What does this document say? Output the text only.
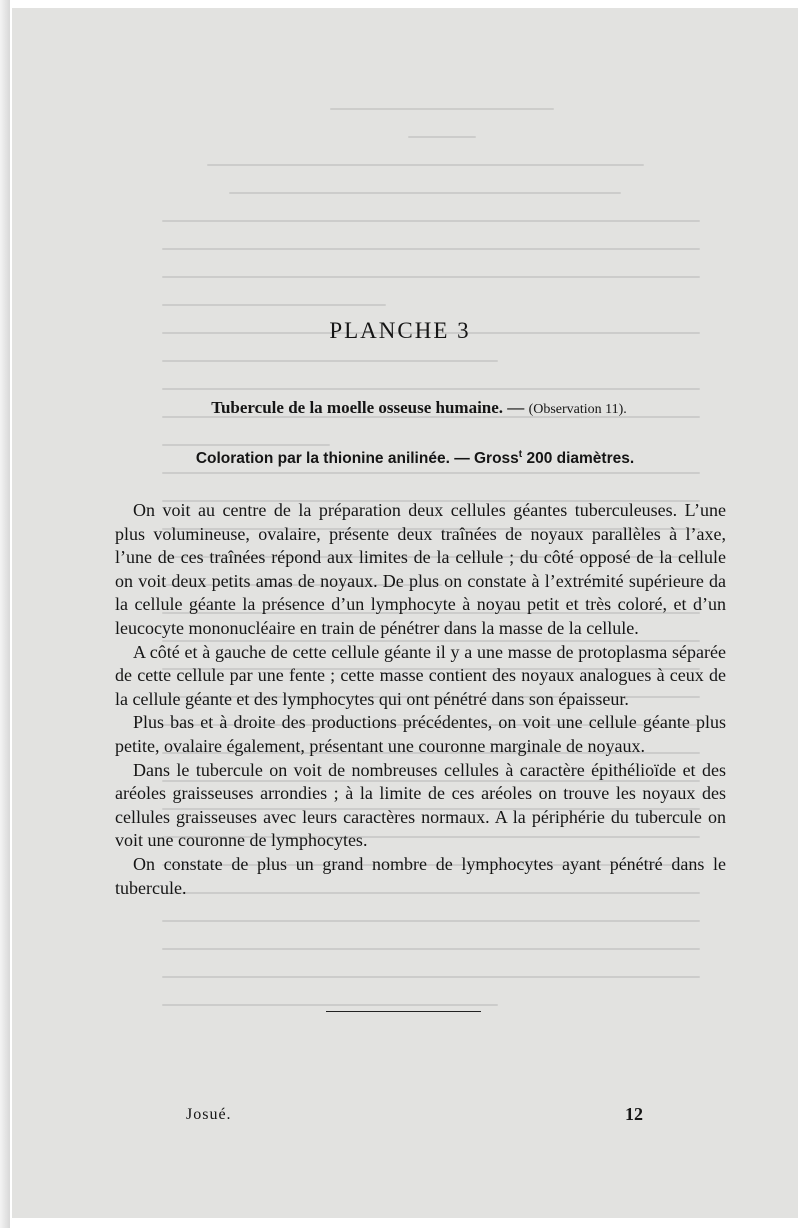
PLANCHE 3
Tubercule de la moelle osseuse humaine. — (Observation 11).
Coloration par la thionine anilinée. — Gross$^t$ 200 diamètres.

On voit au centre de la préparation deux cellules géantes tuberculeuses. L’une plus volumineuse, ovalaire, présente deux traînées de noyaux parallèles à l’axe, l’une de ces traînées répond aux limites de la cellule ; du côté opposé de la cellule on voit deux petits amas de noyaux. De plus on constate à l’extrémité supérieure da la cellule géante la présence d’un lymphocyte à noyau petit et très coloré, et d’un leucocyte mononucléaire en train de pénétrer dans la masse de la cellule.

A côté et à gauche de cette cellule géante il y a une masse de protoplasma séparée de cette cellule par une fente ; cette masse contient des noyaux analogues à ceux de la cellule géante et des lymphocytes qui ont pénétré dans son épaisseur.

Plus bas et à droite des productions précédentes, on voit une cellule géante plus petite, ovalaire également, présentant une couronne marginale de noyaux.

Dans le tubercule on voit de nombreuses cellules à caractère épithélioïde et des aréoles graisseuses arrondies ; à la limite de ces aréoles on trouve les noyaux des cellules graisseuses avec leurs caractères normaux. A la périphérie du tubercule on voit une couronne de lymphocytes.

On constate de plus un grand nombre de lymphocytes ayant pénétré dans le tubercule.

Josué.	12
